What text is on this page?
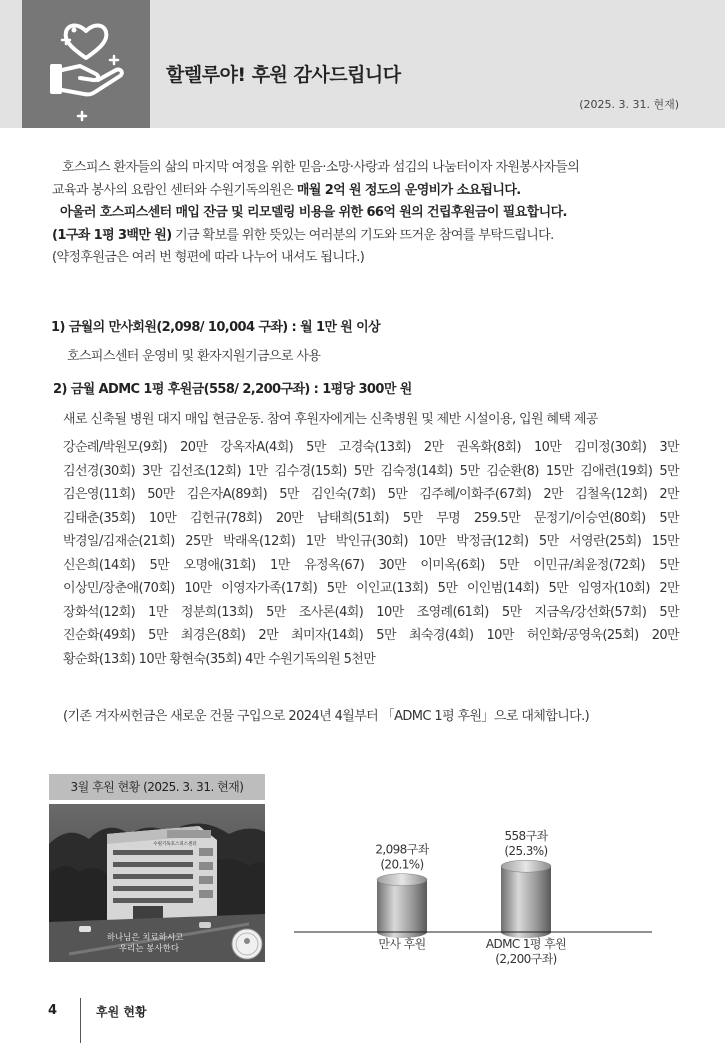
할렐루야! 후원 감사드립니다
(2025. 3. 31. 현재)

호스피스 환자들의 삶의 마지막 여정을 위한 믿음·소망·사랑과 섬김의 나눔터이자 자원봉사자들의

교육과 봉사의 요람인 센터와 수원기독의원은 매월 2억 원 정도의 운영비가 소요됩니다.

아울러 호스피스센터 매입 잔금 및 리모델링 비용을 위한 66억 원의 건립후원금이 필요합니다.

(1구좌 1평 3백만 원) 기금 확보를 위한 뜻있는 여러분의 기도와 뜨거운 참여를 부탁드립니다.

(약정후원금은 여러 번 형편에 따라 나누어 내셔도 됩니다.)

1) 금월의 만사회원(2,098/ 10,004 구좌) : 월 1만 원 이상
호스피스센터 운영비 및 환자지원기금으로 사용
2) 금월 ADMC 1평 후원금(558/ 2,200구좌) : 1평당 300만 원
새로 신축될 병원 대지 매입 현금운동. 참여 후원자에게는 신축병원 및 제반 시설이용, 입원 혜택 제공
강순례/박원모(9회) 20만 강옥자A(4회) 5만 고경숙(13회) 2만 권옥화(8회) 10만 김미정(30회) 3만
김선경(30회) 3만 김선조(12회) 1만 김수경(15회) 5만 김숙정(14회) 5만 김순환(8) 15만 김애련(19회) 5만
김은영(11회) 50만 김은자A(89회) 5만 김인숙(7회) 5만 김주혜/이화주(67회) 2만 김철옥(12회) 2만
김태춘(35회) 10만 김헌규(78회) 20만 남태희(51회) 5만 무명 259.5만 문정기/이승연(80회) 5만
박경일/김재순(21회) 25만 박래옥(12회) 1만 박인규(30회) 10만 박정금(12회) 5만 서영란(25회) 15만
신은희(14회) 5만 오명애(31회) 1만 유정옥(67) 30만 이미옥(6회) 5만 이민규/최윤정(72회) 5만
이상민/장춘애(70회) 10만 이영자가족(17회) 5만 이인교(13회) 5만 이인범(14회) 5만 임영자(10회) 2만
장화석(12회) 1만 정분희(13회) 5만 조사론(4회) 10만 조영례(61회) 5만 지금옥/강선화(57회) 5만
진순화(49회) 5만 최경은(8회) 2만 최미자(14회) 5만 최숙경(4회) 10만 허인화/공영욱(25회) 20만
황순화(13회) 10만 황현숙(35회) 4만 수원기독의원 5천만
(기존 겨자씨헌금은 새로운 건물 구입으로 2024년 4월부터 「ADMC 1평 후원」으로 대체합니다.)
3월 후원 현황 (2025. 3. 31. 현재)
수원기독호스피스센터
하나님은 치료하시고
우리는 봉사한다
2,098구좌
(20.1%)
만사 후원
558구좌
(25.3%)
ADMC 1평 후원
(2,200구좌)
4	후원 현황
